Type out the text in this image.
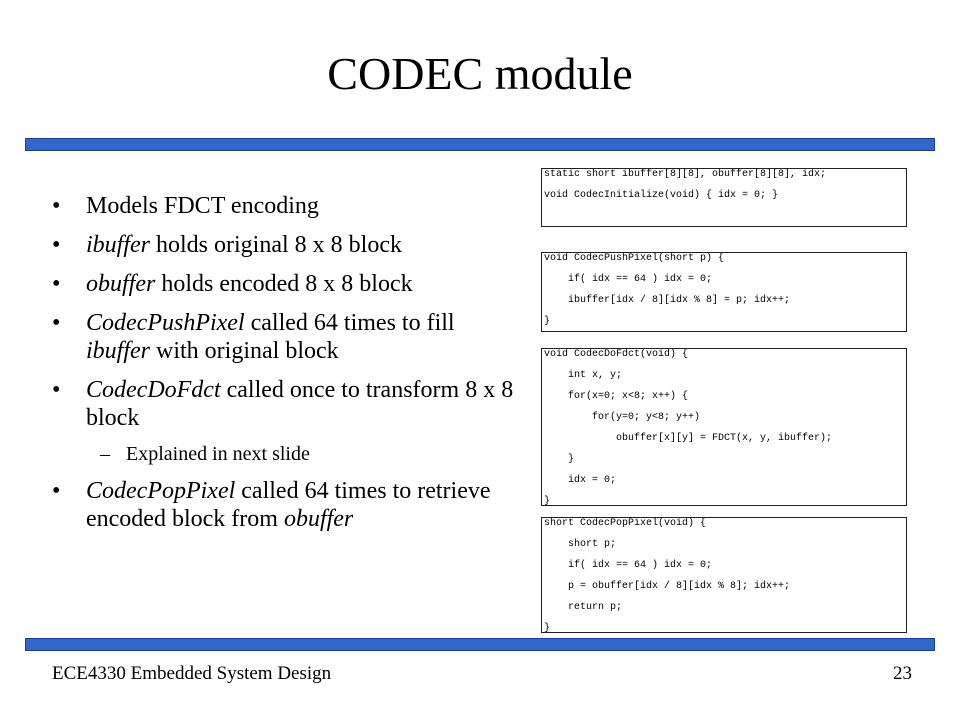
CODEC module
• Models FDCT encoding
• ibuffer holds original 8 x 8 block
• obuffer holds encoded 8 x 8 block
• CodecPushPixel called 64 times to fill ibuffer with original block
• CodecDoFdct called once to transform 8 x 8 block
– Explained in next slide
• CodecPopPixel called 64 times to retrieve encoded block from obuffer
static short ibuffer[8][8], obuffer[8][8], idx;
void CodecInitialize(void) { idx = 0; }
void CodecPushPixel(short p) {
if( idx == 64 ) idx = 0;
ibuffer[idx / 8][idx % 8] = p; idx++;
}
void CodecDoFdct(void) {
int x, y;
for(x=0; x<8; x++) {
for(y=0; y<8; y++)
obuffer[x][y] = FDCT(x, y, ibuffer);
}
idx = 0;
}
short CodecPopPixel(void) {
short p;
if( idx == 64 ) idx = 0;
p = obuffer[idx / 8][idx % 8]; idx++;
return p;
}
ECE4330 Embedded System Design	23
